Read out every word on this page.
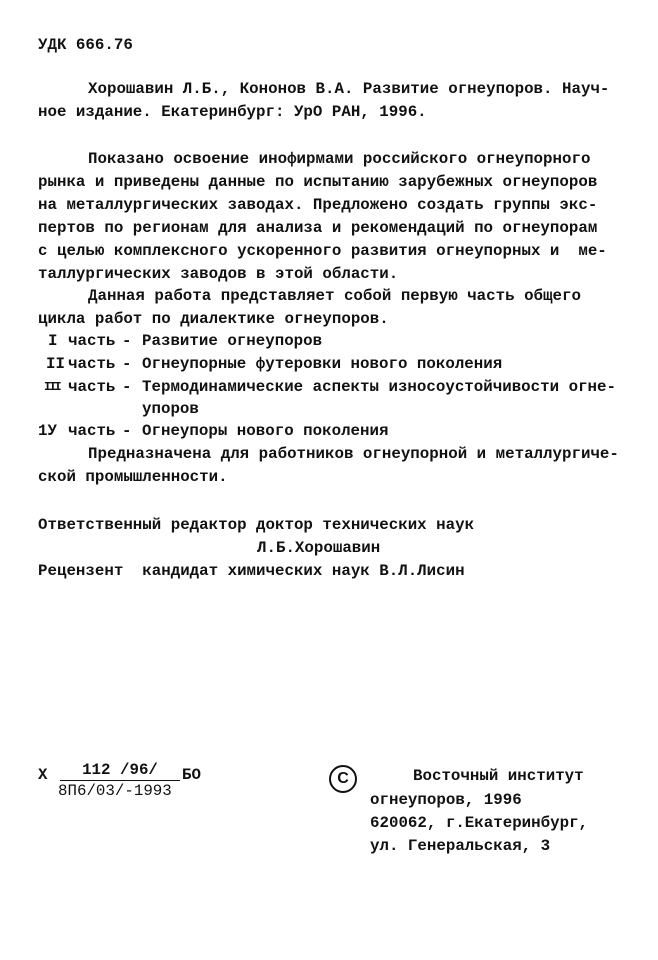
УДК 666.76
Хорошавин Л.Б., Кононов В.А. Развитие огнеупоров. Науч-
ное издание. Екатеринбург: УрО РАН, 1996.
Показано освоение инофирмами российского огнеупорного
рынка и приведены данные по испытанию зарубежных огнеупоров
на металлургических заводах. Предложено создать группы экс-
пертов по регионам для анализа и рекомендаций по огнеупорам
с целью комплексного ускоренного развития огнеупорных и  ме-
таллургических заводов в этой области.
Данная работа представляет собой первую часть общего
цикла работ по диалектике огнеупоров.
I часть - Развитие огнеупоров
II часть - Огнеупорные футеровки нового поколения
III часть - Термодинамические аспекты износоустойчивости огне-
упоров
1У часть - Огнеупоры нового поколения
Предназначена для работников огнеупорной и металлургиче-
ской промышленности.
Ответственный редактор доктор технических наук
Л.Б.Хорошавин
Рецензент  кандидат химических наук В.Л.Лисин
Х	112 /96/
8П6/03/-1993
БО	C	Восточный институт
огнеупоров, 1996
620062, г.Екатеринбург,
ул. Генеральская, 3
